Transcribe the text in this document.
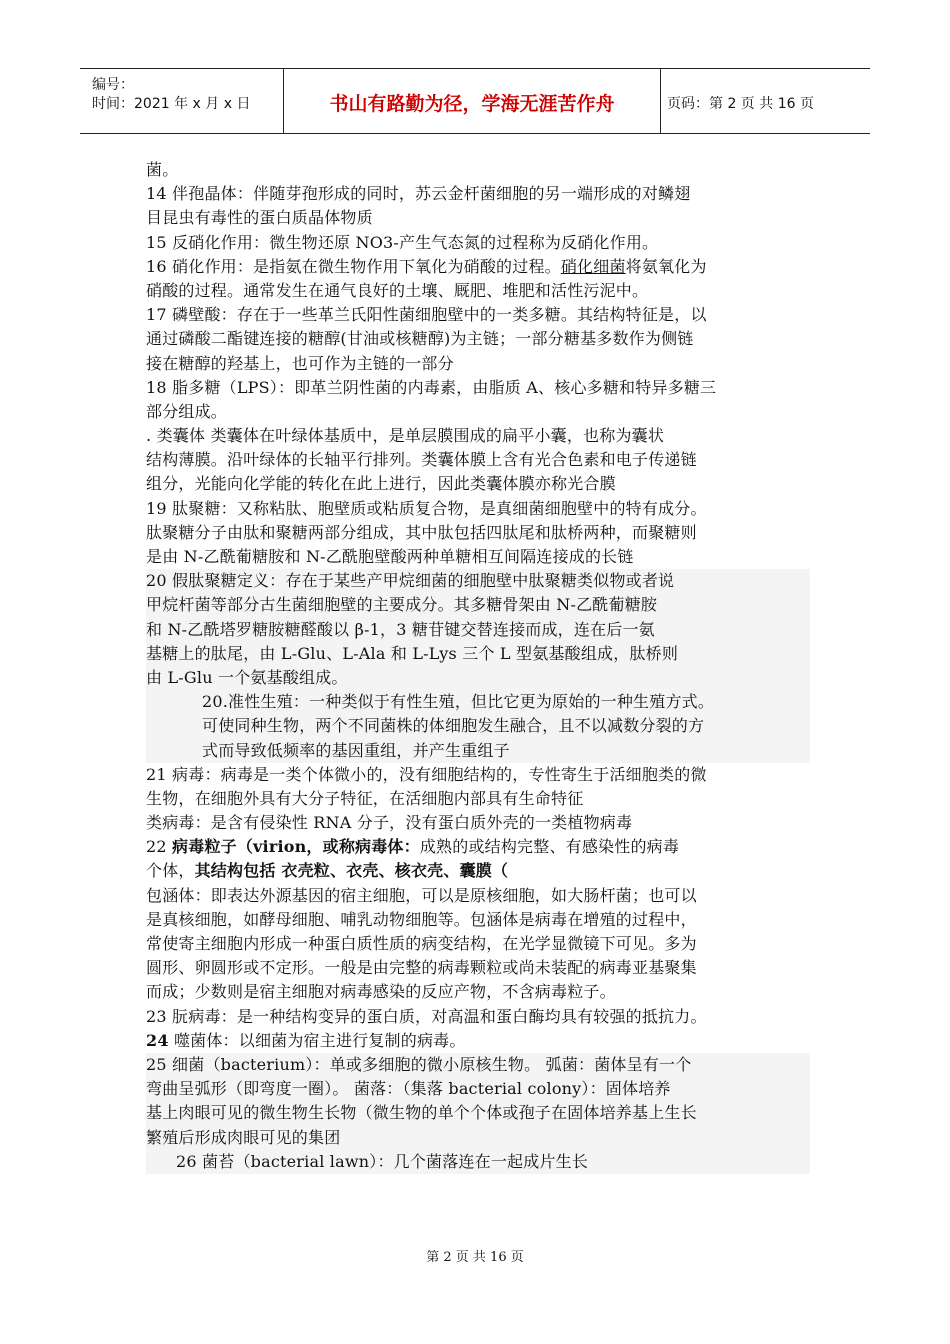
编号：
时间：2021 年 x 月 x 日	书山有路勤为径，学海无涯苦作舟	页码：第 2 页 共 16 页
菌。
14 伴孢晶体：伴随芽孢形成的同时，苏云金杆菌细胞的另一端形成的对鳞翅
目昆虫有毒性的蛋白质晶体物质
15 反硝化作用：微生物还原 NO3-产生气态氮的过程称为反硝化作用。
16 硝化作用：是指氨在微生物作用下氧化为硝酸的过程。硝化细菌将氨氧化为
硝酸的过程。通常发生在通气良好的土壤、厩肥、堆肥和活性污泥中。
17 磷壁酸：存在于一些革兰氏阳性菌细胞壁中的一类多糖。其结构特征是，以
通过磷酸二酯键连接的糖醇(甘油或核糖醇)为主链；一部分糖基多数作为侧链
接在糖醇的羟基上，也可作为主链的一部分
18 脂多糖（LPS）：即革兰阴性菌的内毒素，由脂质 A、核心多糖和特异多糖三
部分组成。
. 类囊体 类囊体在叶绿体基质中，是单层膜围成的扁平小囊，也称为囊状
结构薄膜。沿叶绿体的长轴平行排列。类囊体膜上含有光合色素和电子传递链
组分，光能向化学能的转化在此上进行，因此类囊体膜亦称光合膜
19 肽聚糖：又称粘肽、胞壁质或粘质复合物，是真细菌细胞壁中的特有成分。
肽聚糖分子由肽和聚糖两部分组成，其中肽包括四肽尾和肽桥两种，而聚糖则
是由 N-乙酰葡糖胺和 N-乙酰胞壁酸两种单糖相互间隔连接成的长链
20 假肽聚糖定义：存在于某些产甲烷细菌的细胞壁中肽聚糖类似物或者说
甲烷杆菌等部分古生菌细胞壁的主要成分。其多糖骨架由 N-乙酰葡糖胺
和 N-乙酰塔罗糖胺糖醛酸以 β-1，3 糖苷键交替连接而成，连在后一氨
基糖上的肽尾，由 L-Glu、L-Ala 和 L-Lys 三个 L 型氨基酸组成，肽桥则
由 L-Glu 一个氨基酸组成。
20.准性生殖：一种类似于有性生殖，但比它更为原始的一种生殖方式。
可使同种生物，两个不同菌株的体细胞发生融合，且不以减数分裂的方
式而导致低频率的基因重组，并产生重组子
21 病毒：病毒是一类个体微小的，没有细胞结构的，专性寄生于活细胞类的微
生物，在细胞外具有大分子特征，在活细胞内部具有生命特征
类病毒：是含有侵染性 RNA 分子，没有蛋白质外壳的一类植物病毒
22 病毒粒子（virion，或称病毒体：成熟的或结构完整、有感染性的病毒
个体，其结构包括 衣壳粒、衣壳、核衣壳、囊膜（
包涵体：即表达外源基因的宿主细胞，可以是原核细胞，如大肠杆菌；也可以
是真核细胞，如酵母细胞、哺乳动物细胞等。包涵体是病毒在增殖的过程中，
常使寄主细胞内形成一种蛋白质性质的病变结构，在光学显微镜下可见。多为
圆形、卵圆形或不定形。一般是由完整的病毒颗粒或尚未装配的病毒亚基聚集
而成；少数则是宿主细胞对病毒感染的反应产物，不含病毒粒子。
23 朊病毒：是一种结构变异的蛋白质，对高温和蛋白酶均具有较强的抵抗力。
24 噬菌体：以细菌为宿主进行复制的病毒。
25 细菌（bacterium）：单或多细胞的微小原核生物。 弧菌：菌体呈有一个
弯曲呈弧形（即弯度一圈）。 菌落：（集落 bacterial colony）：固体培养
基上肉眼可见的微生物生长物（微生物的单个个体或孢子在固体培养基上生长
繁殖后形成肉眼可见的集团
26 菌苔（bacterial lawn）：几个菌落连在一起成片生长
第 2 页 共 16 页
